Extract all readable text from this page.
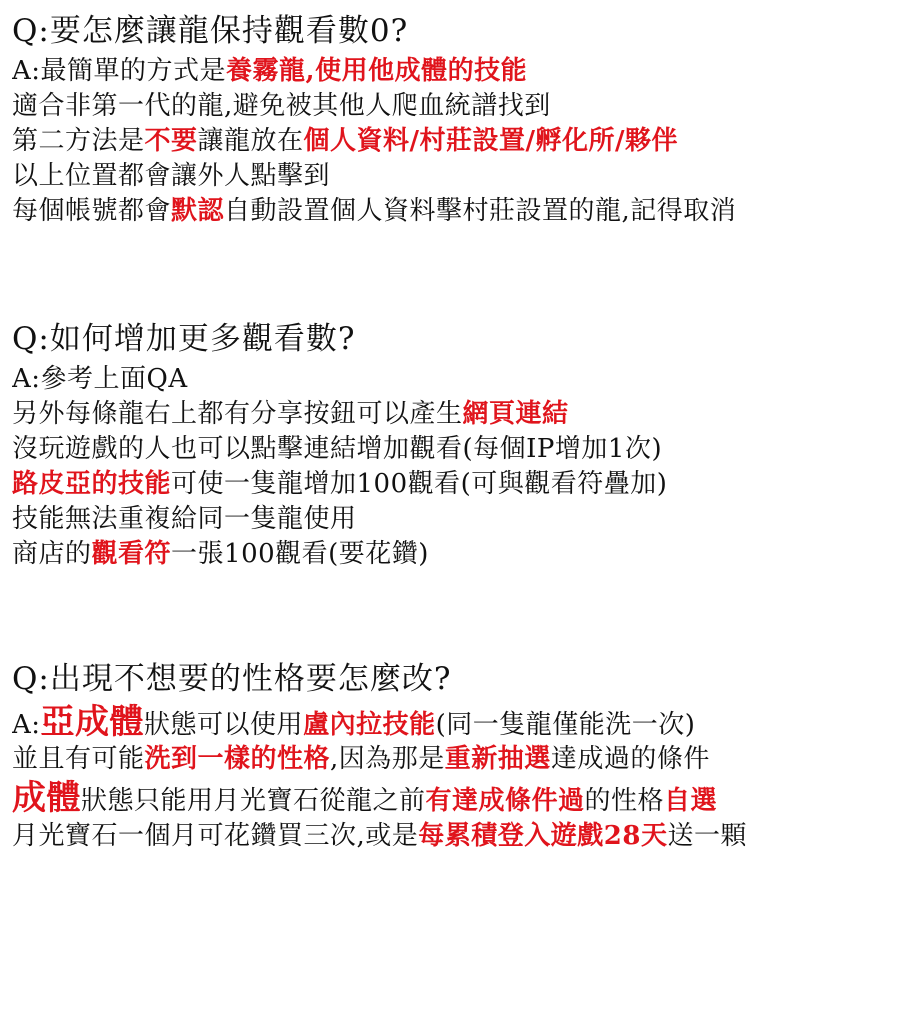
Q:要怎麼讓龍保持觀看數0?
A:最簡單的方式是養霧龍,使用他成體的技能
適合非第一代的龍,避免被其他人爬血統譜找到
第二方法是不要讓龍放在個人資料/村莊設置/孵化所/夥伴
以上位置都會讓外人點擊到
每個帳號都會默認自動設置個人資料擊村莊設置的龍,記得取消
Q:如何增加更多觀看數?
A:參考上面QA
另外每條龍右上都有分享按鈕可以產生網頁連結
沒玩遊戲的人也可以點擊連結增加觀看(每個IP增加1次)
路皮亞的技能可使一隻龍增加100觀看(可與觀看符疊加)
技能無法重複給同一隻龍使用
商店的觀看符一張100觀看(要花鑽)
Q:出現不想要的性格要怎麼改?
A:亞成體狀態可以使用盧內拉技能(同一隻龍僅能洗一次)
並且有可能洗到一樣的性格,因為那是重新抽選達成過的條件
成體狀態只能用月光寶石從龍之前有達成條件過的性格自選
月光寶石一個月可花鑽買三次,或是每累積登入遊戲28天送一顆
